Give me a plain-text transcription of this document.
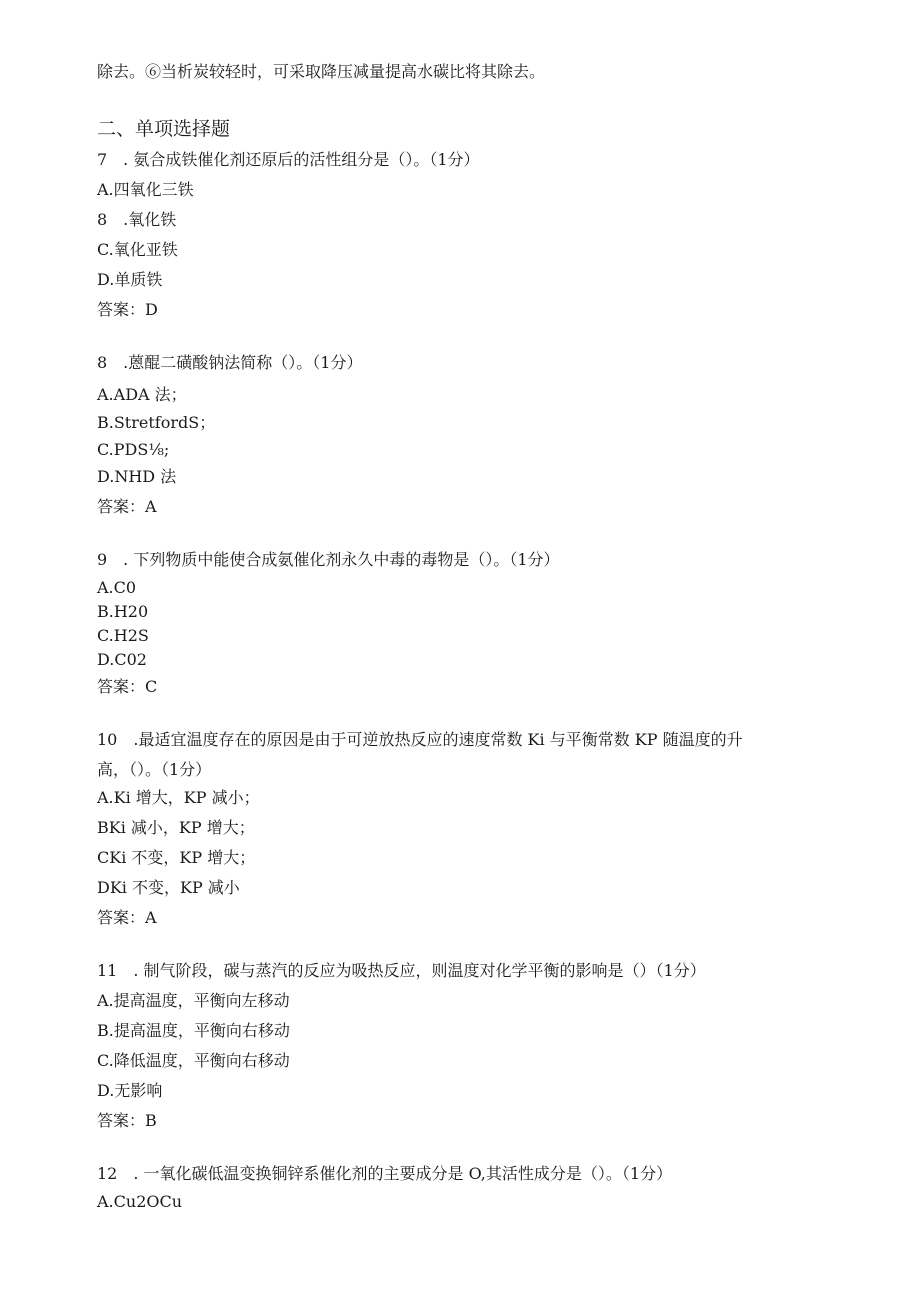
除去。⑥当析炭较轻时，可采取降压减量提高水碳比将其除去。
二、单项选择题
7　. 氨合成铁催化剂还原后的活性组分是（）。（1分）
A.四氧化三铁
8　.氧化铁
C.氧化亚铁
D.单质铁
答案：D
8　.蒽醌二磺酸钠法简称（）。（1分）
A.ADA 法；
B.StretfordS；
C.PDS⅛;
D.NHD 法
答案：A
9　. 下列物质中能使合成氨催化剂永久中毒的毒物是（）。（1分）
A.C0
B.H20
C.H2S
D.C02
答案：C
10　.最适宜温度存在的原因是由于可逆放热反应的速度常数 Ki 与平衡常数 KP 随温度的升
高，（）。（1分）
A.Ki 增大，KP 减小；
BKi 减小，KP 增大；
CKi 不变，KP 增大；
DKi 不变，KP 减小
答案：A
11　. 制气阶段，碳与蒸汽的反应为吸热反应，则温度对化学平衡的影响是（）（1分）
A.提高温度，平衡向左移动
B.提高温度，平衡向右移动
C.降低温度，平衡向右移动
D.无影响
答案：B
12　. 一氧化碳低温变换铜锌系催化剂的主要成分是 O,其活性成分是（）。（1分）
A.Cu2OCu
